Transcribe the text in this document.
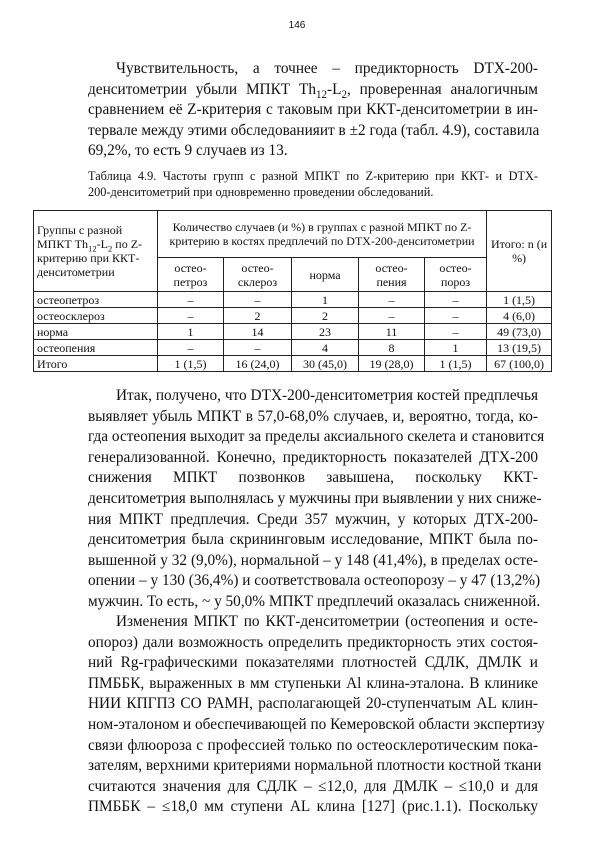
146
Чувствительность, а точнее – предикторность DTX-200-
денситометрии убыли МПКТ $Th_{12}-L_2$, проверенная аналогичным
сравнением её Z-критерия с таковым при ККТ-денситометрии в ин-
тервале между этими обследованияит в ±2 года (табл. 4.9), составила
69,2%, то есть 9 случаев из 13.
Таблица 4.9. Частоты групп с разной МПКТ по Z-критерию при ККТ- и DTX-
200-денситометрий при одновременно проведении обследований.
Группы с разной МПКТ $Th_{12}-L_2$ по Z-критерию при ККТ-денситометрии	Количество случаев (и %) в группах с разной МПКТ по Z-критерию в костях предплечий по DTX-200-денситометрии					Итого: n (и %)
	остео-петроз	остео-склероз	норма	остео-пения	остео-пороз	
остеопетроз	–	–	1	–	–	1 (1,5)
остеосклероз	–	2	2	–	–	4 (6,0)
норма	1	14	23	11	–	49 (73,0)
остеопения	–	–	4	8	1	13 (19,5)
Итого	1 (1,5)	16 (24,0)	30 (45,0)	19 (28,0)	1 (1,5)	67 (100,0)
Итак, получено, что DTX-200-денситометрия костей предплечья
выявляет убыль МПКТ в 57,0-68,0% случаев, и, вероятно, тогда, ко-
гда остеопения выходит за пределы аксиального скелета и становится
генерализованной. Конечно, предикторность показателей ДТХ-200
снижения МПКТ позвонков завышена, поскольку ККТ-
денситометрия выполнялась у мужчины при выявлении у них сниже-
ния МПКТ предплечия. Среди 357 мужчин, у которых ДТХ-200-
денситометрия была скрининговым исследование, МПКТ была по-
вышенной у 32 (9,0%), нормальной – у 148 (41,4%), в пределах осте-
опении – у 130 (36,4%) и соответствовала остеопорозу – у 47 (13,2%)
мужчин. То есть, ~ у 50,0% МПКТ предплечий оказалась сниженной.
Изменения МПКТ по ККТ-денситометрии (остеопения и осте-
опороз) дали возможность определить предикторность этих состоя-
ний Rg-графическими показателями плотностей СДЛК, ДМЛК и
ПМББК, выраженных в мм ступеньки Al клина-эталона. В клинике
НИИ КПГПЗ СО РАМН, располагающей 20-ступенчатым AL клин-
ном-эталоном и обеспечивающей по Кемеровской области экспертизу
связи флюороза с профессией только по остеосклеротическим пока-
зателям, верхними критериями нормальной плотности костной ткани
считаются значения для СДЛК – ≤12,0, для ДМЛК – ≤10,0 и для
ПМББК – ≤18,0 мм ступени AL клина [127] (рис.1.1). Поскольку
